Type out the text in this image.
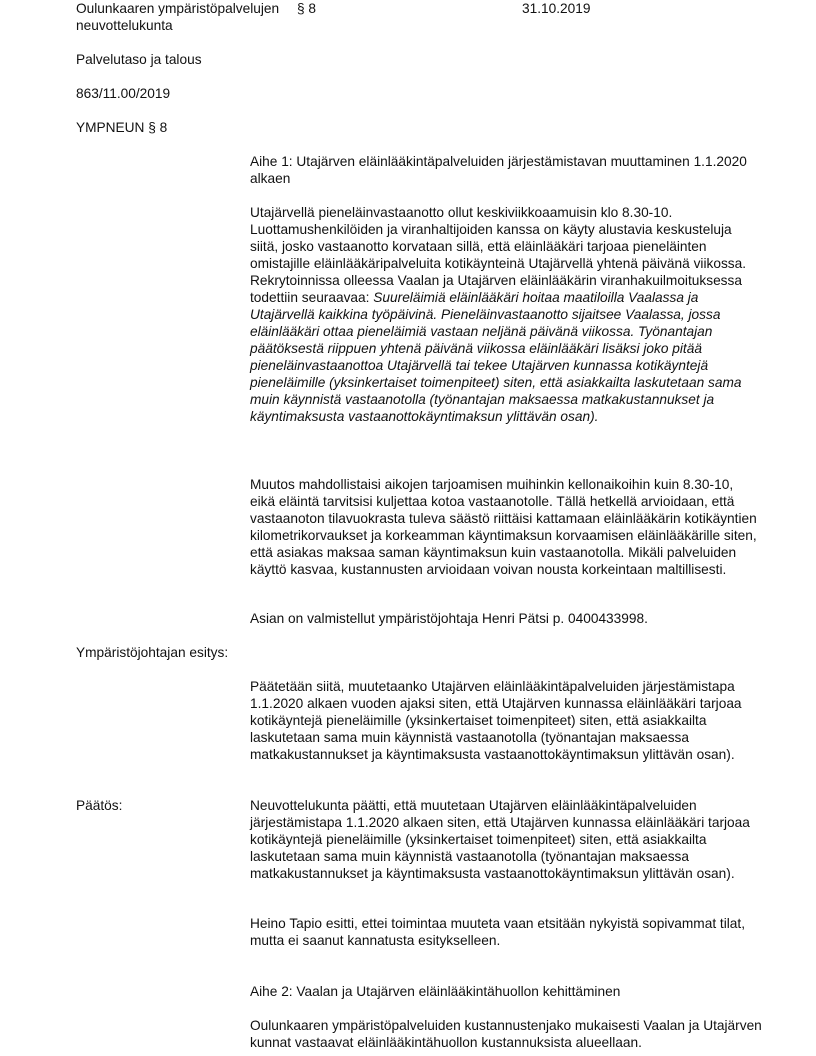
Oulunkaaren ympäristöpalvelujen	§ 8	31.10.2019

neuvottelukunta

Palvelutaso ja talous

863/11.00/2019

YMPNEUN § 8

Aihe 1: Utajärven eläinlääkintäpalveluiden järjestämistavan muuttaminen 1.1.2020 alkaen

Utajärvellä pieneläinvastaanotto ollut keskiviikkoaamuisin klo 8.30-10. Luottamushenkilöiden ja viranhaltijoiden kanssa on käyty alustavia keskusteluja siitä, josko vastaanotto korvataan sillä, että eläinlääkäri tarjoaa pieneläinten omistajille eläinlääkäripalveluita kotikäynteinä Utajärvellä yhtenä päivänä viikossa. Rekrytoinnissa olleessa Vaalan ja Utajärven eläinlääkärin viranhakuilmoituksessa todettiin seuraavaa: Suureläimiä eläinlääkäri hoitaa maatiloilla Vaalassa ja Utajärvellä kaikkina työpäivinä. Pieneläinvastaanotto sijaitsee Vaalassa, jossa eläinlääkäri ottaa pieneläimiä vastaan neljänä päivänä viikossa. Työnantajan päätöksestä riippuen yhtenä päivänä viikossa eläinlääkäri lisäksi joko pitää pieneläinvastaanottoa Utajärvellä tai tekee Utajärven kunnassa kotikäyntejä pieneläimille (yksinkertaiset toimenpiteet) siten, että asiakkailta laskutetaan sama muin käynnistä vastaanotolla (työnantajan maksaessa matkakustannukset ja käyntimaksusta vastaanottokäyntimaksun ylittävän osan).

Muutos mahdollistaisi aikojen tarjoamisen muihinkin kellonaikoihin kuin 8.30-10, eikä eläintä tarvitsisi kuljettaa kotoa vastaanotolle. Tällä hetkellä arvioidaan, että vastaanoton tilavuokrasta tuleva säästö riittäisi kattamaan eläinlääkärin kotikäyntien kilometrikorvaukset ja korkeamman käyntimaksun korvaamisen eläinlääkärille siten, että asiakas maksaa saman käyntimaksun kuin vastaanotolla. Mikäli palveluiden käyttö kasvaa, kustannusten arvioidaan voivan nousta korkeintaan maltillisesti.

Asian on valmistellut ympäristöjohtaja Henri Pätsi p. 0400433998.

Ympäristöjohtajan esitys:

Päätetään siitä, muutetaanko Utajärven eläinlääkintäpalveluiden järjestämistapa 1.1.2020 alkaen vuoden ajaksi siten, että Utajärven kunnassa eläinlääkäri tarjoaa kotikäyntejä pieneläimille (yksinkertaiset toimenpiteet) siten, että asiakkailta laskutetaan sama muin käynnistä vastaanotolla (työnantajan maksaessa matkakustannukset ja käyntimaksusta vastaanottokäyntimaksun ylittävän osan).

Päätös:	Neuvottelukunta päätti, että muutetaan Utajärven eläinlääkintäpalveluiden järjestämistapa 1.1.2020 alkaen siten, että Utajärven kunnassa eläinlääkäri tarjoaa kotikäyntejä pieneläimille (yksinkertaiset toimenpiteet) siten, että asiakkailta laskutetaan sama muin käynnistä vastaanotolla (työnantajan maksaessa matkakustannukset ja käyntimaksusta vastaanottokäyntimaksun ylittävän osan).

Heino Tapio esitti, ettei toimintaa muuteta vaan etsitään nykyistä sopivammat tilat, mutta ei saanut kannatusta esitykselleen.

Aihe 2: Vaalan ja Utajärven eläinlääkintähuollon kehittäminen

Oulunkaaren ympäristöpalveluiden kustannustenjako mukaisesti Vaalan ja Utajärven kunnat vastaavat eläinlääkintähuollon kustannuksista alueellaan.
